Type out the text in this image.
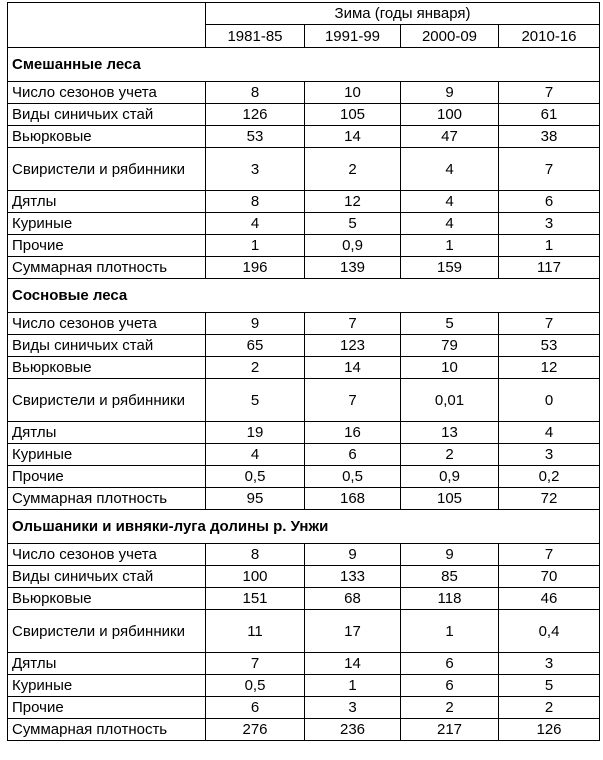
	Зима (годы января)			
	1981-85	1991-99	2000-09	2010-16
Смешанные леса				
Число сезонов учета	8	10	9	7
Виды синичьих стай	126	105	100	61
Вьюрковые	53	14	47	38
Свиристели и рябинники	3	2	4	7
Дятлы	8	12	4	6
Куриные	4	5	4	3
Прочие	1	0,9	1	1
Суммарная плотность	196	139	159	117
Сосновые леса				
Число сезонов учета	9	7	5	7
Виды синичьих стай	65	123	79	53
Вьюрковые	2	14	10	12
Свиристели и рябинники	5	7	0,01	0
Дятлы	19	16	13	4
Куриные	4	6	2	3
Прочие	0,5	0,5	0,9	0,2
Суммарная плотность	95	168	105	72
Ольшаники и ивняки-луга долины р. Унжи				
Число сезонов учета	8	9	9	7
Виды синичьих стай	100	133	85	70
Вьюрковые	151	68	118	46
Свиристели и рябинники	11	17	1	0,4
Дятлы	7	14	6	3
Куриные	0,5	1	6	5
Прочие	6	3	2	2
Суммарная плотность	276	236	217	126
